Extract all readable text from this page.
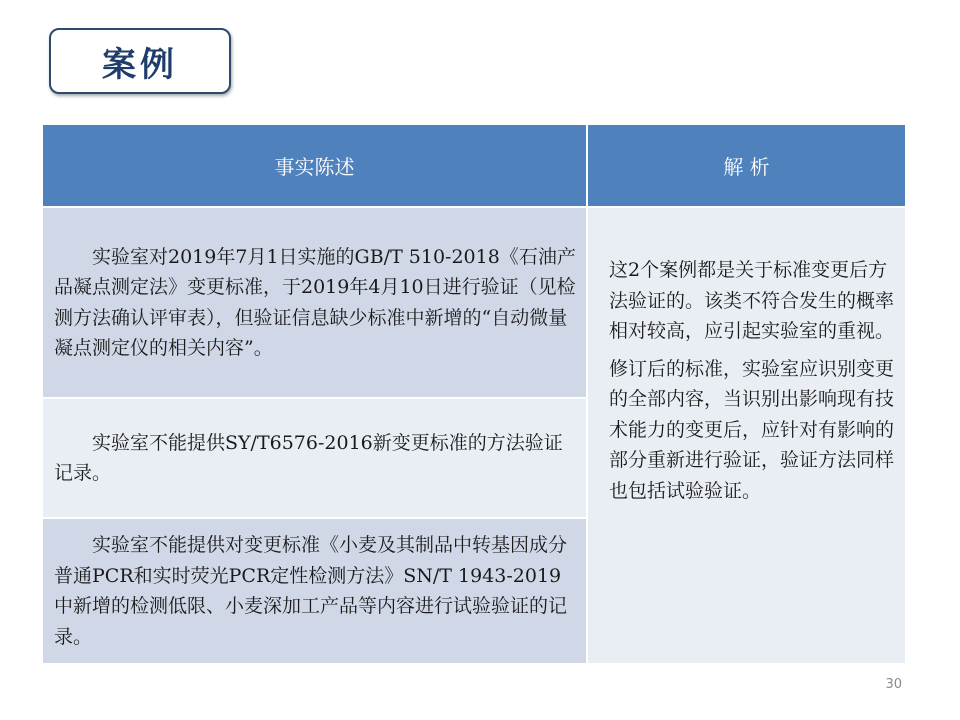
案例
事实陈述	解 析

实验室对2019年7月1日实施的GB/T 510-2018《石油产品凝点测定法》变更标准，于2019年4月10日进行验证（见检测方法确认评审表），但验证信息缺少标准中新增的“自动微量凝点测定仪的相关内容”。

实验室不能提供SY/T6576-2016新变更标准的方法验证记录。

实验室不能提供对变更标准《小麦及其制品中转基因成分普通PCR和实时荧光PCR定性检测方法》SN/T 1943-2019中新增的检测低限、小麦深加工产品等内容进行试验验证的记录。

这2个案例都是关于标准变更后方法验证的。该类不符合发生的概率相对较高，应引起实验室的重视。

修订后的标准，实验室应识别变更的全部内容，当识别出影响现有技术能力的变更后，应针对有影响的部分重新进行验证，验证方法同样也包括试验验证。

30
